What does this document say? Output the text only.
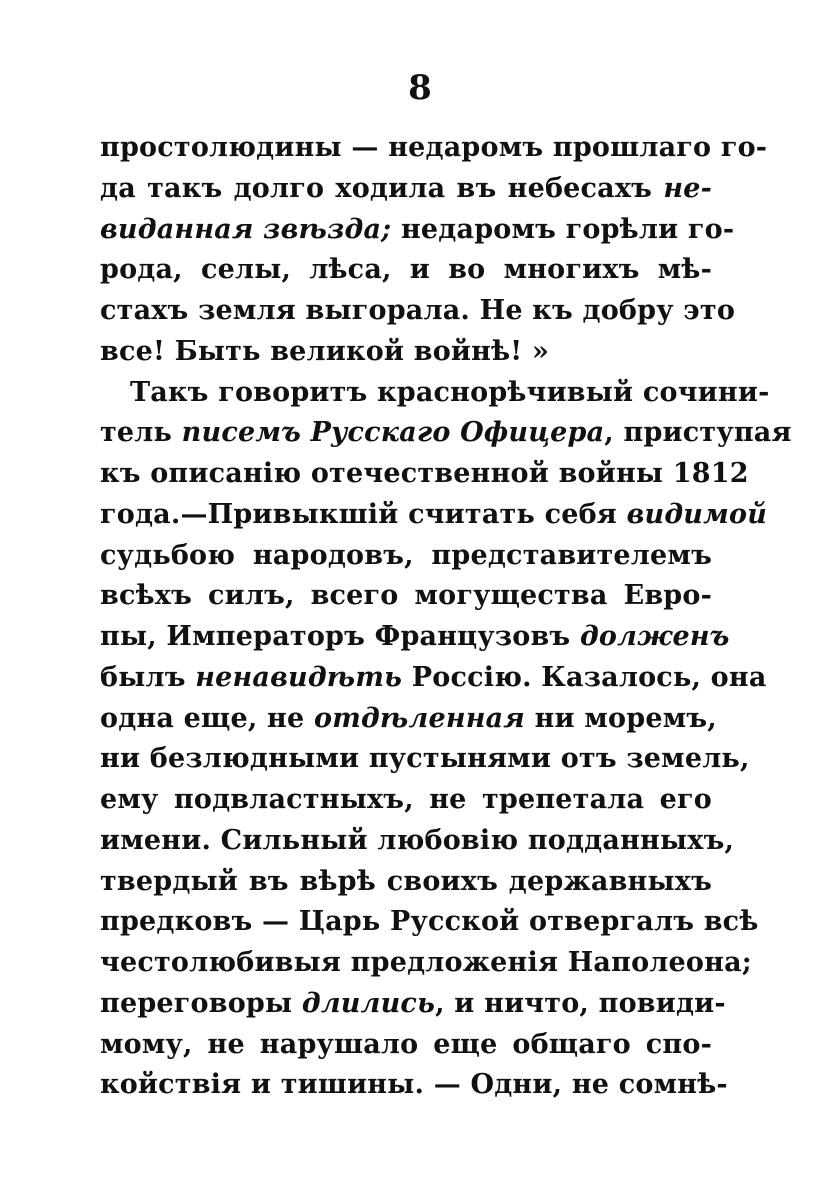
8
простолюдины — недаромъ прошлаго го-
да такъ долго ходила въ небесахъ не-
виданная звѣзда; недаромъ горѣли го-
рода, селы, лѣса, и во многихъ мѣ-
стахъ земля выгорала. Не къ добру это
все! Быть великой войнѣ! »
Такъ говоритъ краснорѣчивый сочини-
тель писемъ Русскаго Офицера, приступая
къ описанію отечественной войны 1812
года.—Привыкшій считать себя видимой
судьбою народовъ, представителемъ
всѣхъ силъ, всего могущества Евро-
пы, Императоръ Французовъ долженъ
былъ ненавидѣть Россію. Казалось, она
одна еще, не отдѣленная ни моремъ,
ни безлюдными пустынями отъ земель,
ему подвластныхъ, не трепетала его
имени. Сильный любовію подданныхъ,
твердый въ вѣрѣ своихъ державныхъ
предковъ — Царь Русской отвергалъ всѣ
честолюбивыя предложенія Наполеона;
переговоры длились, и ничто, повиди-
мому, не нарушало еще общаго спо-
койствія и тишины. — Одни, не сомнѣ-
